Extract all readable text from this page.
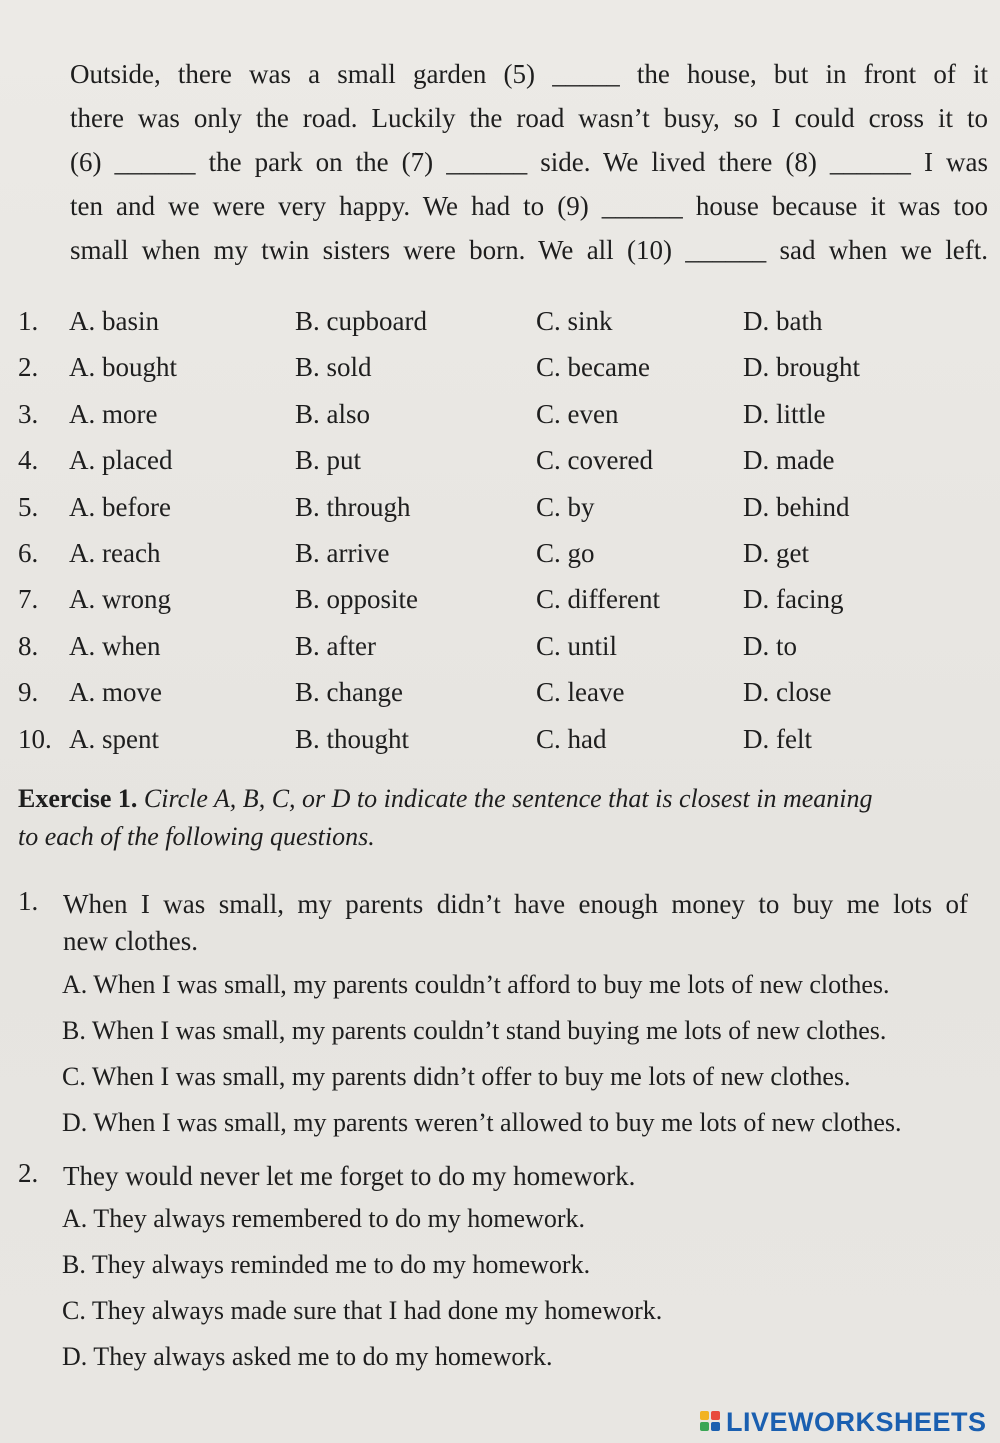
Outside, there was a small garden (5) _____ the house, but in front of it
there was only the road. Luckily the road wasn’t busy, so I could cross it to
(6) ______ the park on the (7) ______ side. We lived there (8) ______ I was
ten and we were very happy. We had to (9) ______ house because it was too
small when my twin sisters were born. We all (10) ______ sad when we left.
1. A. basin	B. cupboard	C. sink	D. bath
2. A. bought	B. sold	C. became	D. brought
3. A. more	B. also	C. even	D. little
4. A. placed	B. put	C. covered	D. made
5. A. before	B. through	C. by	D. behind
6. A. reach	B. arrive	C. go	D. get
7. A. wrong	B. opposite	C. different	D. facing
8. A. when	B. after	C. until	D. to
9. A. move	B. change	C. leave	D. close
10. A. spent	B. thought	C. had	D. felt
Exercise 1. Circle A, B, C, or D to indicate the sentence that is closest in meaning
to each of the following questions.
1. When I was small, my parents didn’t have enough money to buy me lots of
new clothes.
A. When I was small, my parents couldn’t afford to buy me lots of new clothes.
B. When I was small, my parents couldn’t stand buying me lots of new clothes.
C. When I was small, my parents didn’t offer to buy me lots of new clothes.
D. When I was small, my parents weren’t allowed to buy me lots of new clothes.
2. They would never let me forget to do my homework.
A. They always remembered to do my homework.
B. They always reminded me to do my homework.
C. They always made sure that I had done my homework.
D. They always asked me to do my homework.
LIVEWORKSHEETS
